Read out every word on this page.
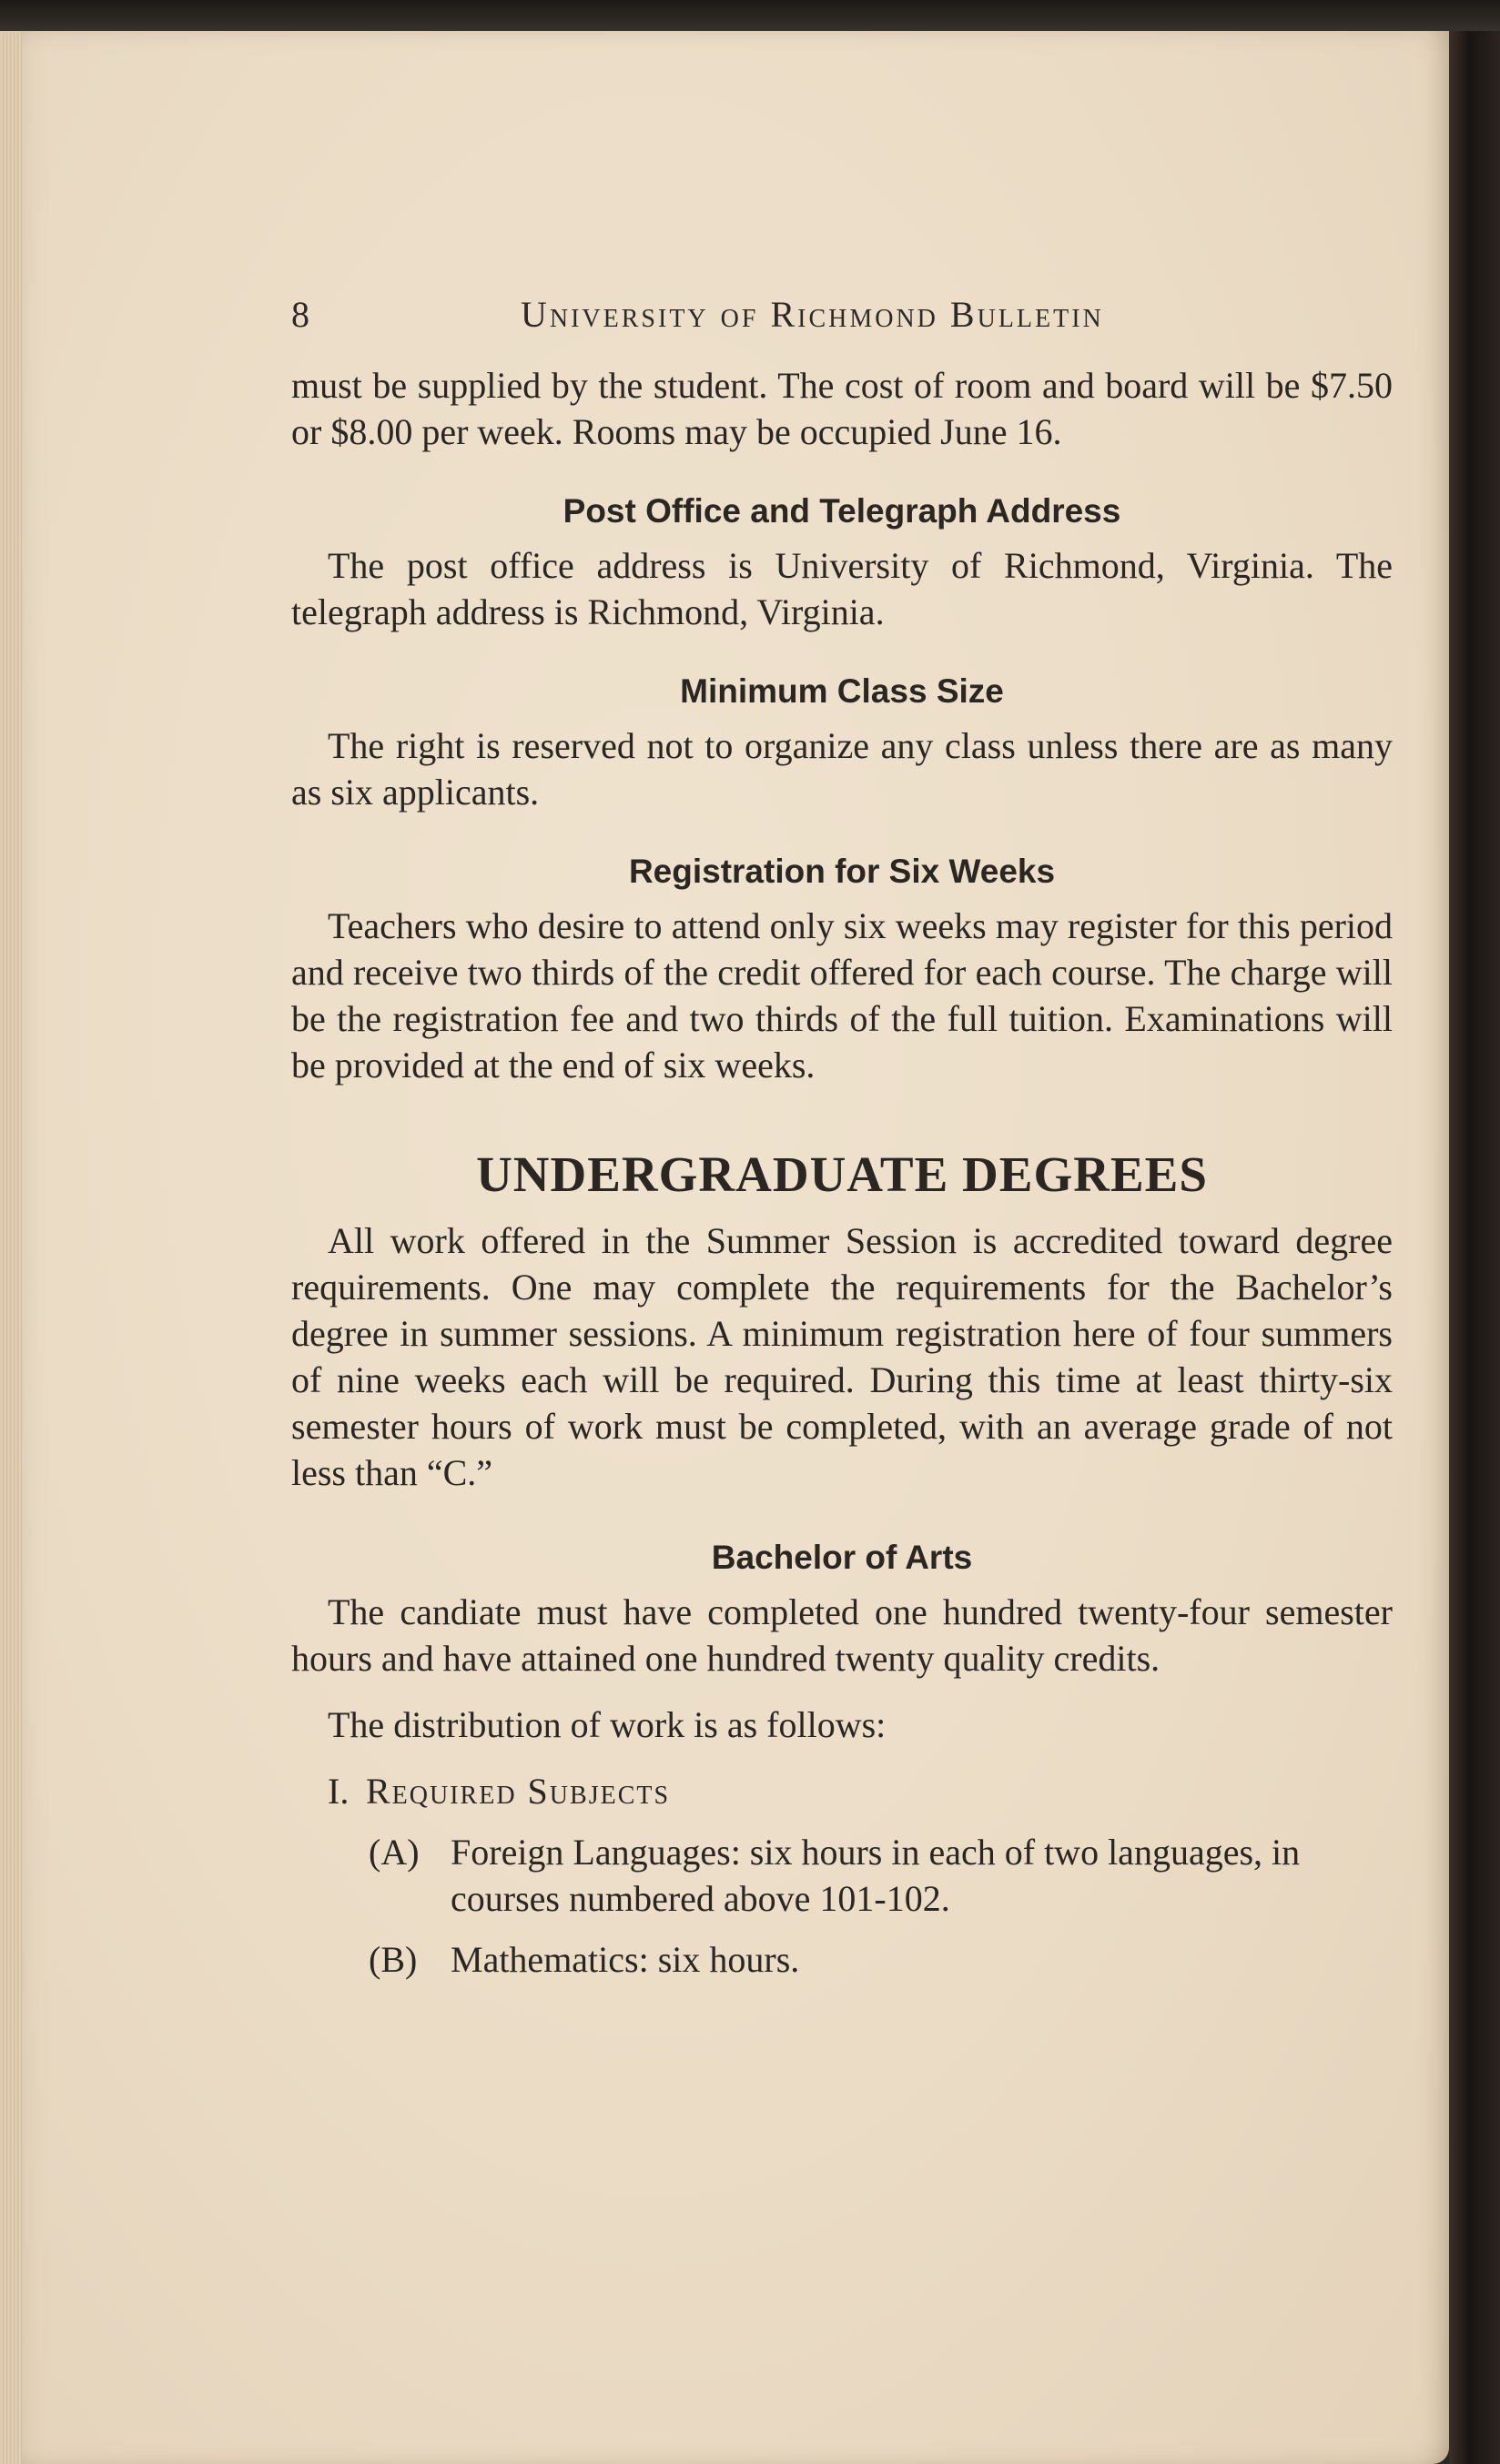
8	University of Richmond Bulletin

must be supplied by the student. The cost of room and board will be $7.50 or $8.00 per week. Rooms may be occupied June 16.

Post Office and Telegraph Address

The post office address is University of Richmond, Virginia. The telegraph address is Richmond, Virginia.

Minimum Class Size

The right is reserved not to organize any class unless there are as many as six applicants.

Registration for Six Weeks

Teachers who desire to attend only six weeks may register for this period and receive two thirds of the credit offered for each course. The charge will be the registration fee and two thirds of the full tuition. Examinations will be provided at the end of six weeks.

UNDERGRADUATE DEGREES

All work offered in the Summer Session is accredited toward degree requirements. One may complete the requirements for the Bachelor’s degree in summer sessions. A minimum registration here of four summers of nine weeks each will be required. During this time at least thirty-six semester hours of work must be completed, with an average grade of not less than “C.”

Bachelor of Arts

The candiate must have completed one hundred twenty-four semester hours and have attained one hundred twenty quality credits.

The distribution of work is as follows:

I. Required Subjects
(A) Foreign Languages: six hours in each of two languages, in courses numbered above 101-102.
(B) Mathematics: six hours.
